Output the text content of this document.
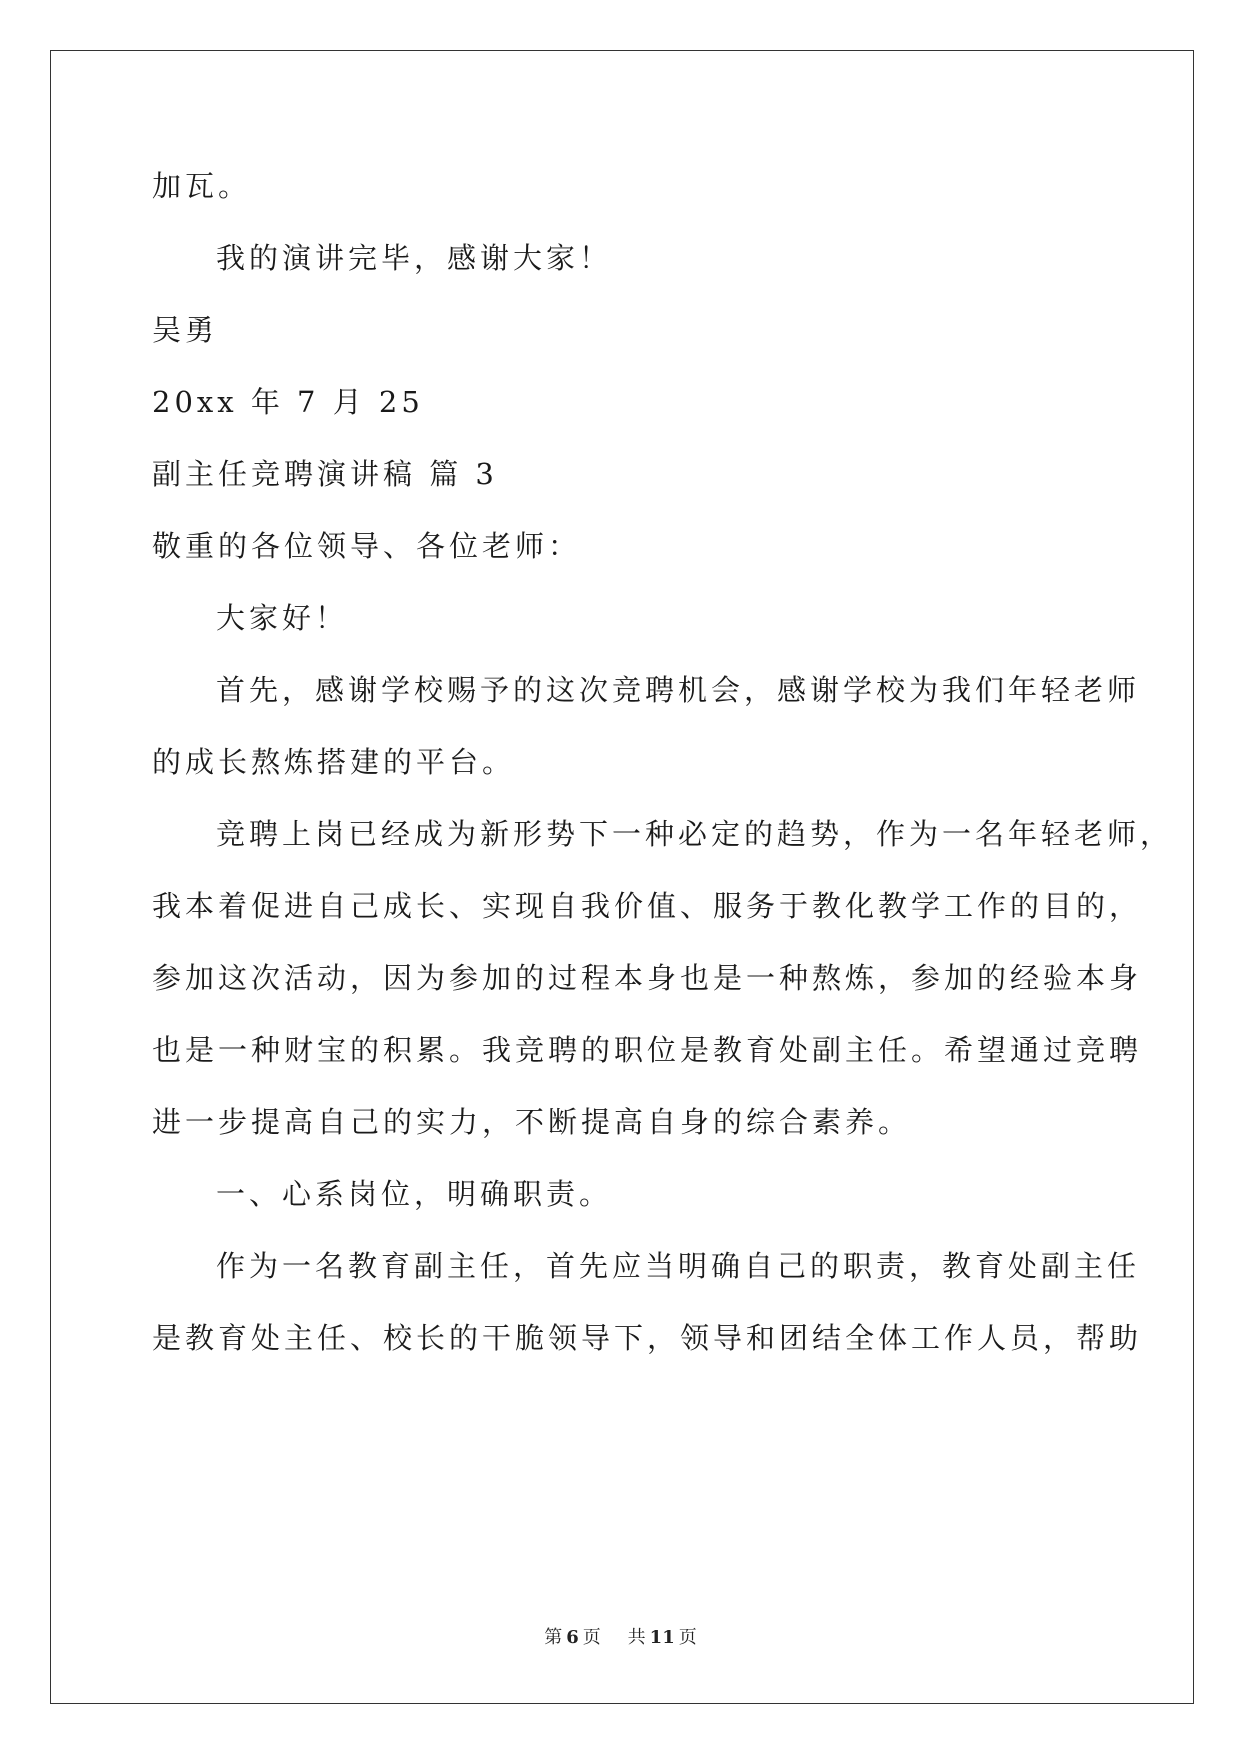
加瓦。
我的演讲完毕，感谢大家！
吴勇
20xx 年 7 月 25
副主任竞聘演讲稿 篇 3
敬重的各位领导、各位老师：
大家好！
首先，感谢学校赐予的这次竞聘机会，感谢学校为我们年轻老师
的成长熬炼搭建的平台。
竞聘上岗已经成为新形势下一种必定的趋势，作为一名年轻老师，
我本着促进自己成长、实现自我价值、服务于教化教学工作的目的，
参加这次活动，因为参加的过程本身也是一种熬炼，参加的经验本身
也是一种财宝的积累。我竞聘的职位是教育处副主任。希望通过竞聘
进一步提高自己的实力，不断提高自身的综合素养。
一、心系岗位，明确职责。
作为一名教育副主任，首先应当明确自己的职责，教育处副主任
是教育处主任、校长的干脆领导下，领导和团结全体工作人员，帮助
第 6 页 共 11 页
